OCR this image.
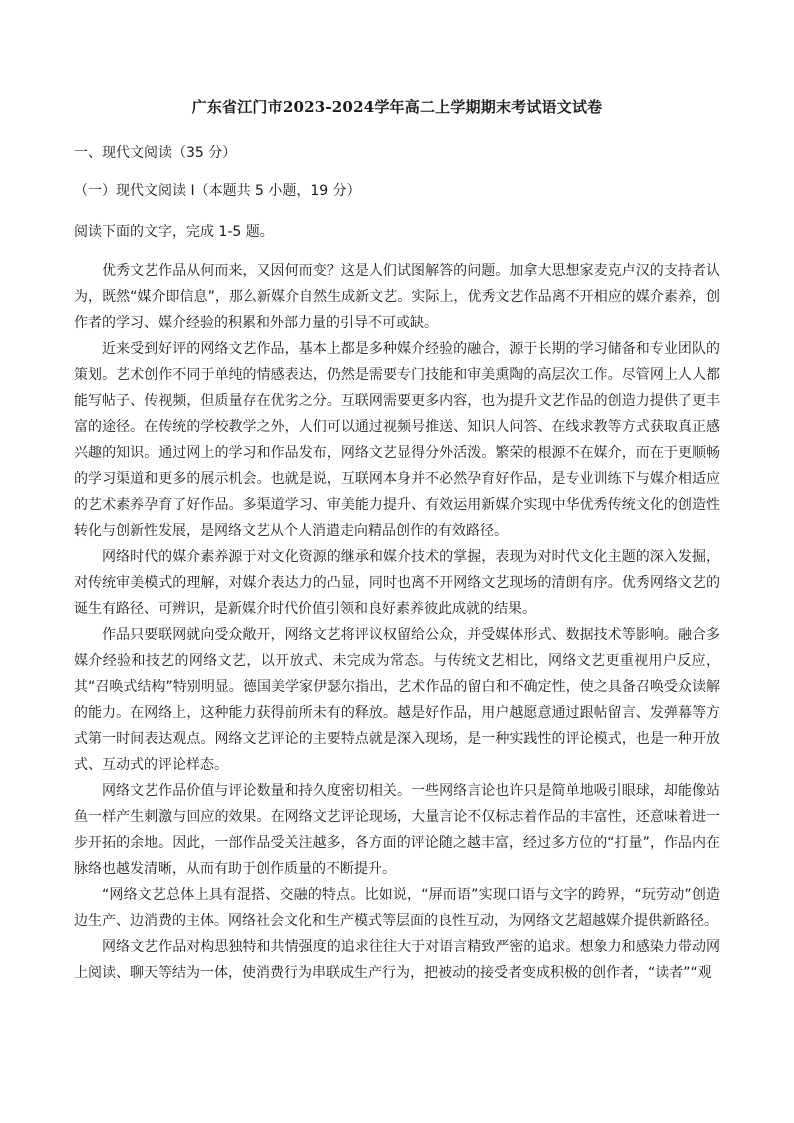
广东省江门市2023-2024学年高二上学期期末考试语文试卷
一、现代文阅读（35 分）
（一）现代文阅读 I（本题共 5 小题，19 分）
阅读下面的文字，完成 1-5 题。

优秀文艺作品从何而来，又因何而变？这是人们试图解答的问题。加拿大思想家麦克卢汉的支持者认为，既然“媒介即信息”，那么新媒介自然生成新文艺。实际上，优秀文艺作品离不开相应的媒介素养，创作者的学习、媒介经验的积累和外部力量的引导不可或缺。

近来受到好评的网络文艺作品，基本上都是多种媒介经验的融合，源于长期的学习储备和专业团队的策划。艺术创作不同于单纯的情感表达，仍然是需要专门技能和审美熏陶的高层次工作。尽管网上人人都能写帖子、传视频，但质量存在优劣之分。互联网需要更多内容，也为提升文艺作品的创造力提供了更丰富的途径。在传统的学校教学之外，人们可以通过视频号推送、知识人问答、在线求教等方式获取真正感兴趣的知识。通过网上的学习和作品发布，网络文艺显得分外活泼。繁荣的根源不在媒介，而在于更顺畅的学习渠道和更多的展示机会。也就是说，互联网本身并不必然孕育好作品，是专业训练下与媒介相适应的艺术素养孕育了好作品。多渠道学习、审美能力提升、有效运用新媒介实现中华优秀传统文化的创造性转化与创新性发展，是网络文艺从个人消遣走向精品创作的有效路径。

网络时代的媒介素养源于对文化资源的继承和媒介技术的掌握，表现为对时代文化主题的深入发掘，对传统审美模式的理解，对媒介表达力的凸显，同时也离不开网络文艺现场的清朗有序。优秀网络文艺的诞生有路径、可辨识，是新媒介时代价值引领和良好素养彼此成就的结果。

作品只要联网就向受众敞开，网络文艺将评议权留给公众，并受媒体形式、数据技术等影响。融合多媒介经验和技艺的网络文艺，以开放式、未完成为常态。与传统文艺相比，网络文艺更重视用户反应，其“召唤式结构”特别明显。德国美学家伊瑟尔指出，艺术作品的留白和不确定性，使之具备召唤受众读解的能力。在网络上，这种能力获得前所未有的释放。越是好作品，用户越愿意通过跟帖留言、发弹幕等方式第一时间表达观点。网络文艺评论的主要特点就是深入现场，是一种实践性的评论模式，也是一种开放式、互动式的评论样态。

网络文艺作品价值与评论数量和持久度密切相关。一些网络言论也许只是简单地吸引眼球，却能像站鱼一样产生刺激与回应的效果。在网络文艺评论现场，大量言论不仅标志着作品的丰富性，还意味着进一步开拓的余地。因此，一部作品受关注越多，各方面的评论随之越丰富，经过多方位的“打量”，作品内在脉络也越发清晰，从而有助于创作质量的不断提升。

“网络文艺总体上具有混搭、交融的特点。比如说，“屏而语”实现口语与文字的跨界，“玩劳动”创造边生产、边消费的主体。网络社会文化和生产模式等层面的良性互动，为网络文艺超越媒介提供新路径。

网络文艺作品对构思独特和共情强度的追求往往大于对语言精致严密的追求。想象力和感染力带动网上阅读、聊天等结为一体，使消费行为串联成生产行为，把被动的接受者变成积极的创作者，“读者”“观
